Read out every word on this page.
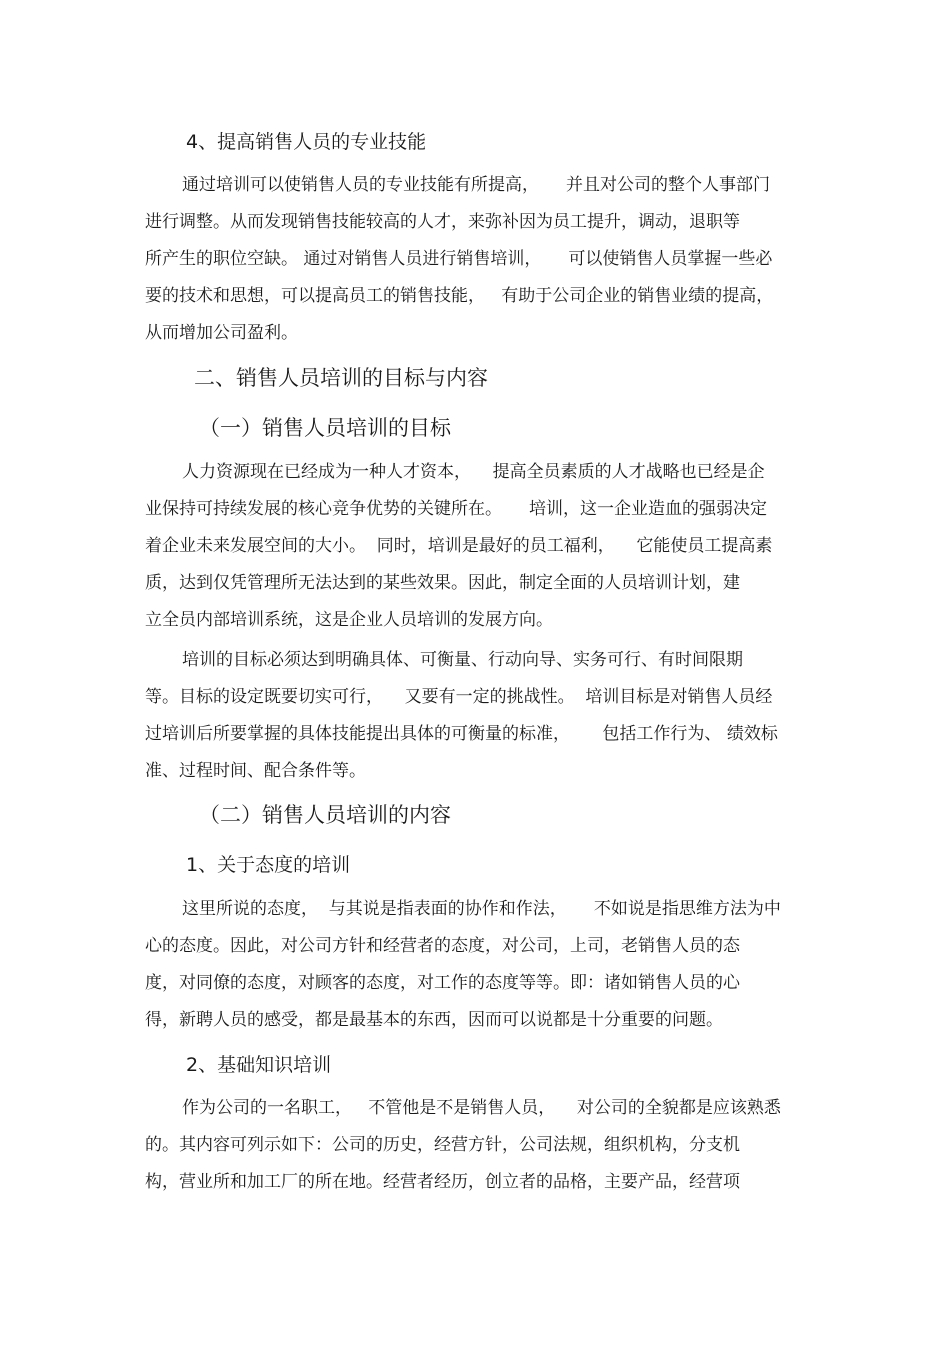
4、提高销售人员的专业技能
通过培训可以使销售人员的专业技能有所提高，     并且对公司的整个人事部门
进行调整。从而发现销售技能较高的人才，来弥补因为员工提升，调动，退职等
所产生的职位空缺。 通过对销售人员进行销售培训，     可以使销售人员掌握一些必
要的技术和思想，可以提高员工的销售技能，   有助于公司企业的销售业绩的提高，
从而增加公司盈利。
二、销售人员培训的目标与内容
（一）销售人员培训的目标
人力资源现在已经成为一种人才资本，    提高全员素质的人才战略也已经是企
业保持可持续发展的核心竞争优势的关键所在。     培训，这一企业造血的强弱决定
着企业未来发展空间的大小。  同时，培训是最好的员工福利，    它能使员工提高素
质，达到仅凭管理所无法达到的某些效果。因此，制定全面的人员培训计划，建
立全员内部培训系统，这是企业人员培训的发展方向。
培训的目标必须达到明确具体、可衡量、行动向导、实务可行、有时间限期
等。目标的设定既要切实可行，    又要有一定的挑战性。  培训目标是对销售人员经
过培训后所要掌握的具体技能提出具体的可衡量的标准，      包括工作行为、 绩效标
准、过程时间、配合条件等。
（二）销售人员培训的内容
1、关于态度的培训
这里所说的态度，  与其说是指表面的协作和作法，     不如说是指思维方法为中
心的态度。因此，对公司方针和经营者的态度，对公司，上司，老销售人员的态
度，对同僚的态度，对顾客的态度，对工作的态度等等。即：诸如销售人员的心
得，新聘人员的感受，都是最基本的东西，因而可以说都是十分重要的问题。
2、基础知识培训
作为公司的一名职工，   不管他是不是销售人员，    对公司的全貌都是应该熟悉
的。其内容可列示如下：公司的历史，经营方针，公司法规，组织机构，分支机
构，营业所和加工厂的所在地。经营者经历，创立者的品格，主要产品，经营项
